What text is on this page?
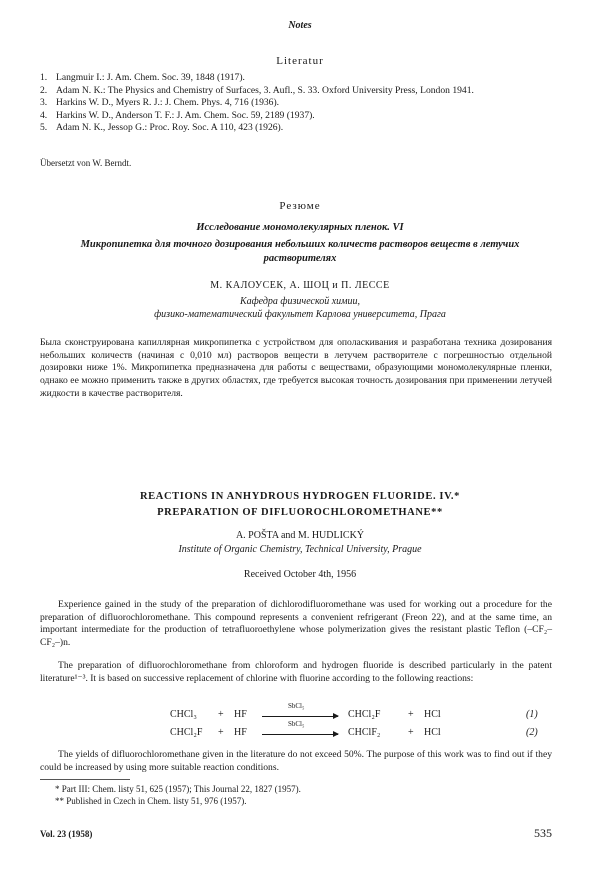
Notes
Literatur
1. Langmuir I.: J. Am. Chem. Soc. 39, 1848 (1917).
2. Adam N. K.: The Physics and Chemistry of Surfaces, 3. Aufl., S. 33. Oxford University Press, London 1941.
3. Harkins W. D., Myers R. J.: J. Chem. Phys. 4, 716 (1936).
4. Harkins W. D., Anderson T. F.: J. Am. Chem. Soc. 59, 2189 (1937).
5. Adam N. K., Jessop G.: Proc. Roy. Soc. A 110, 423 (1926).
Übersetzt von W. Berndt.
Резюме
Исследование мономолекулярных пленок. VI
Микропипетка для точного дозирования небольших количеств растворов веществ в летучих растворителях
М. КАЛОУСЕК, А. ШОЦ и П. ЛЕССЕ
Кафедра физической химии,
физико-математический факультет Карлова университета, Прага

Была сконструирована капиллярная микропипетка с устройством для ополаскивания и разработана техника дозирования небольших количеств (начиная с 0,010 мл) растворов вещести в летучем растворителе с погрешностью отдельной дозировки ниже 1%. Микропипетка предназначена для работы с веществами, образующими мономолекулярные пленки, однако ее можно применить также в других областях, где требуется высокая точность дозирования при применении летучей жидкости в качестве растворителя.

REACTIONS IN ANHYDROUS HYDROGEN FLUORIDE. IV.*
PREPARATION OF DIFLUOROCHLOROMETHANE**
A. POŠTA and M. HUDLICKÝ
Institute of Organic Chemistry, Technical University, Prague
Received October 4th, 1956

Experience gained in the study of the preparation of dichlorodifluoromethane was used for working out a procedure for the preparation of difluorochloromethane. This compound represents a convenient refrigerant (Freon 22), and at the same time, an important intermediate for the production of tetrafluoroethylene whose polymerization gives the resistant plastic Teflon (–CF₂–CF₂–)n.

The preparation of difluorochloromethane from chloroform and hydrogen fluoride is described particularly in the patent literature¹⁻³. It is based on successive replacement of chlorine with fluorine according to the following reactions:

CHCl₃ + HF
SbCl₅
CHCl₂F	+ HCl	(1)
CHCl₂F + HF
SbCl₅
CHClF₂	+ HCl	(2)

The yields of difluorochloromethane given in the literature do not exceed 50%. The purpose of this work was to find out if they could be increased by using more suitable reaction conditions.

* Part III: Chem. listy 51, 625 (1957); This Journal 22, 1827 (1957).
** Published in Czech in Chem. listy 51, 976 (1957).
Vol. 23 (1958)	535
